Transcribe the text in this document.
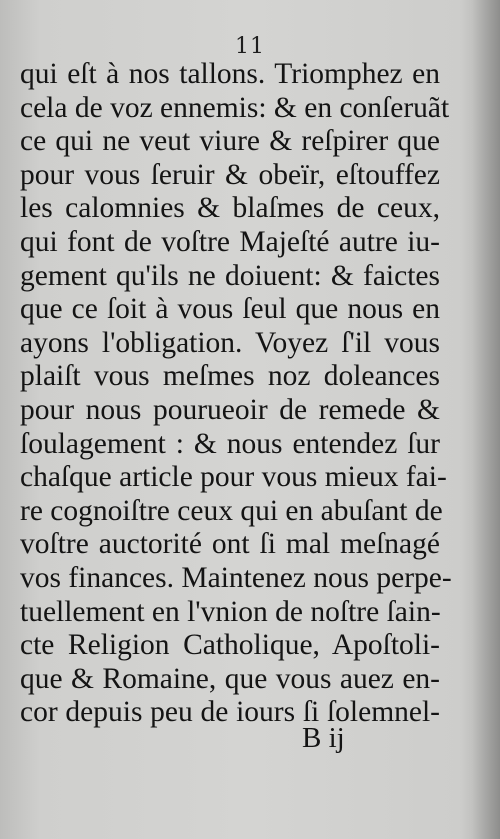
11
qui eſt à nos tallons. Triomphez en
cela de voz ennemis: & en conſeruãt
ce qui ne veut viure & reſpirer que
pour vous ſeruir & obeïr, eſtouffez
les calomnies & blaſmes de ceux,
qui font de voſtre Majeſté autre iu-
gement qu'ils ne doiuent: & faictes
que ce ſoit à vous ſeul que nous en
ayons l'obligation. Voyez ſ'il vous
plaiſt vous meſmes noz doleances
pour nous pourueoir de remede &
ſoulagement : & nous entendez ſur
chaſque article pour vous mieux fai-
re cognoiſtre ceux qui en abuſant de
voſtre auctorité ont ſi mal meſnagé
vos finances. Maintenez nous perpe-
tuellement en l'vnion de noſtre ſain-
cte Religion Catholique, Apoſtoli-
que & Romaine, que vous auez en-
cor depuis peu de iours ſi ſolemnel-
B ij
